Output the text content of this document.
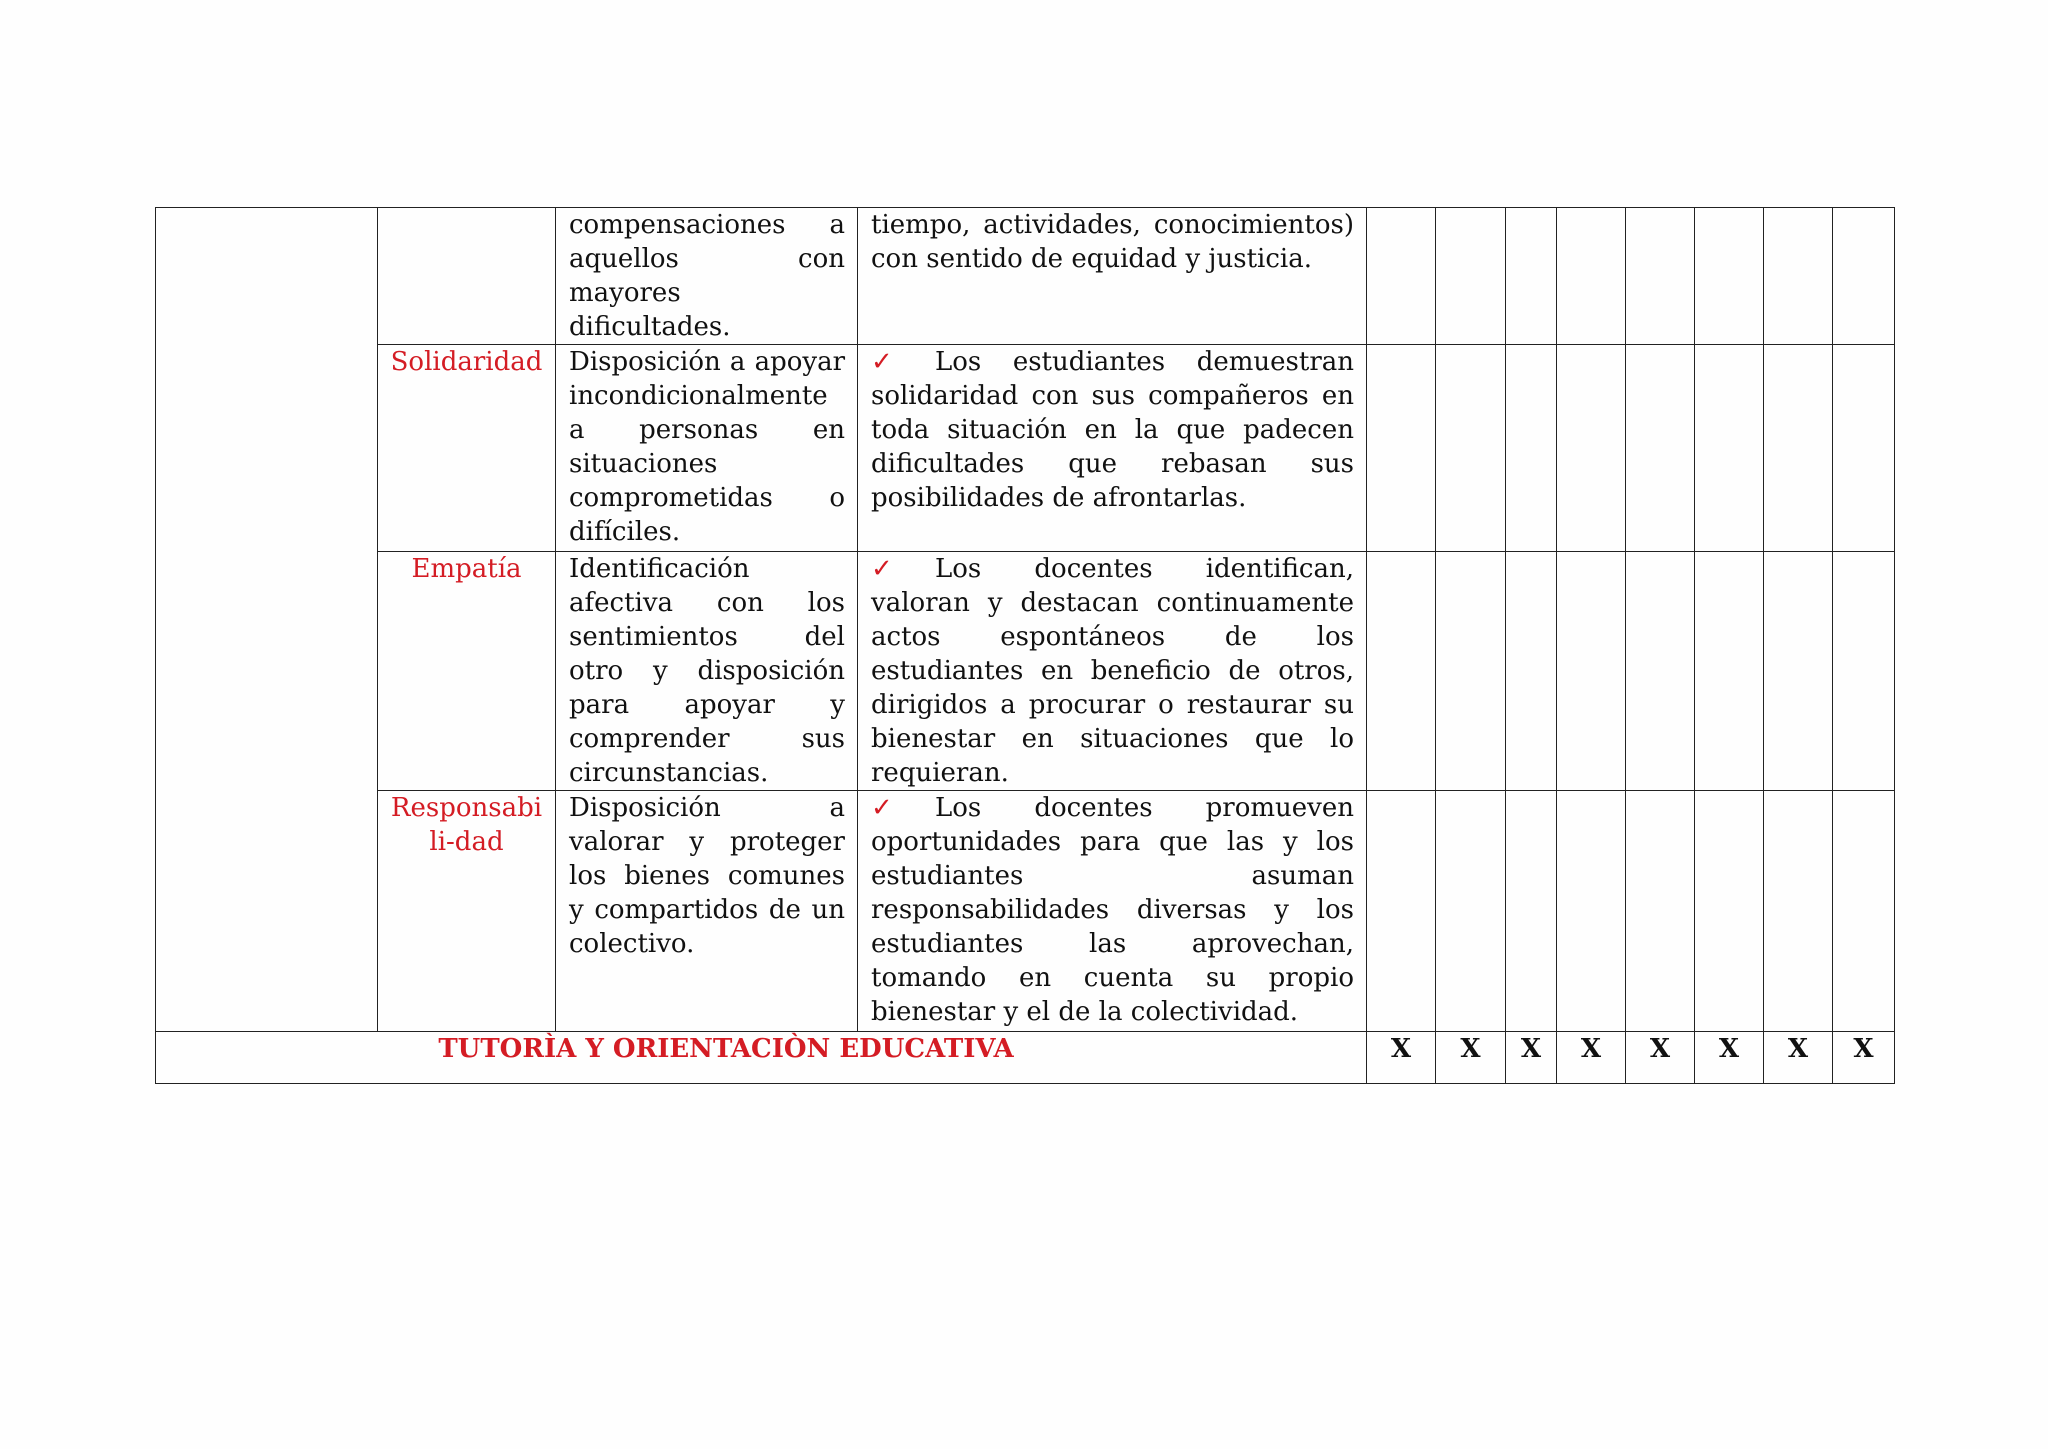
		compensaciones a aquellos con mayores dificultades.	tiempo, actividades, conocimientos) con sentido de equidad y justicia.								

	Solidaridad	Disposición a apoyar incondicionalmente a personas en situaciones comprometidas o difíciles.	✓ Los estudiantes demuestran solidaridad con sus compañeros en toda situación en la que padecen dificultades que rebasan sus posibilidades de afrontarlas.								

	Empatía	Identificación afectiva con los sentimientos del otro y disposición para apoyar y comprender sus circunstancias.	✓ Los docentes identifican, valoran y destacan continuamente actos espontáneos de los estudiantes en beneficio de otros, dirigidos a procurar o restaurar su bienestar en situaciones que lo requieran.								

	Responsabi
li-dad	Disposición a valorar y proteger los bienes comunes y compartidos de un colectivo.	✓ Los docentes promueven oportunidades para que las y los estudiantes asuman responsabilidades diversas y los estudiantes las aprovechan, tomando en cuenta su propio bienestar y el de la colectividad.								

TUTORÌA Y ORIENTACIÒN EDUCATIVA				X	X	X	X	X	X	X	X
